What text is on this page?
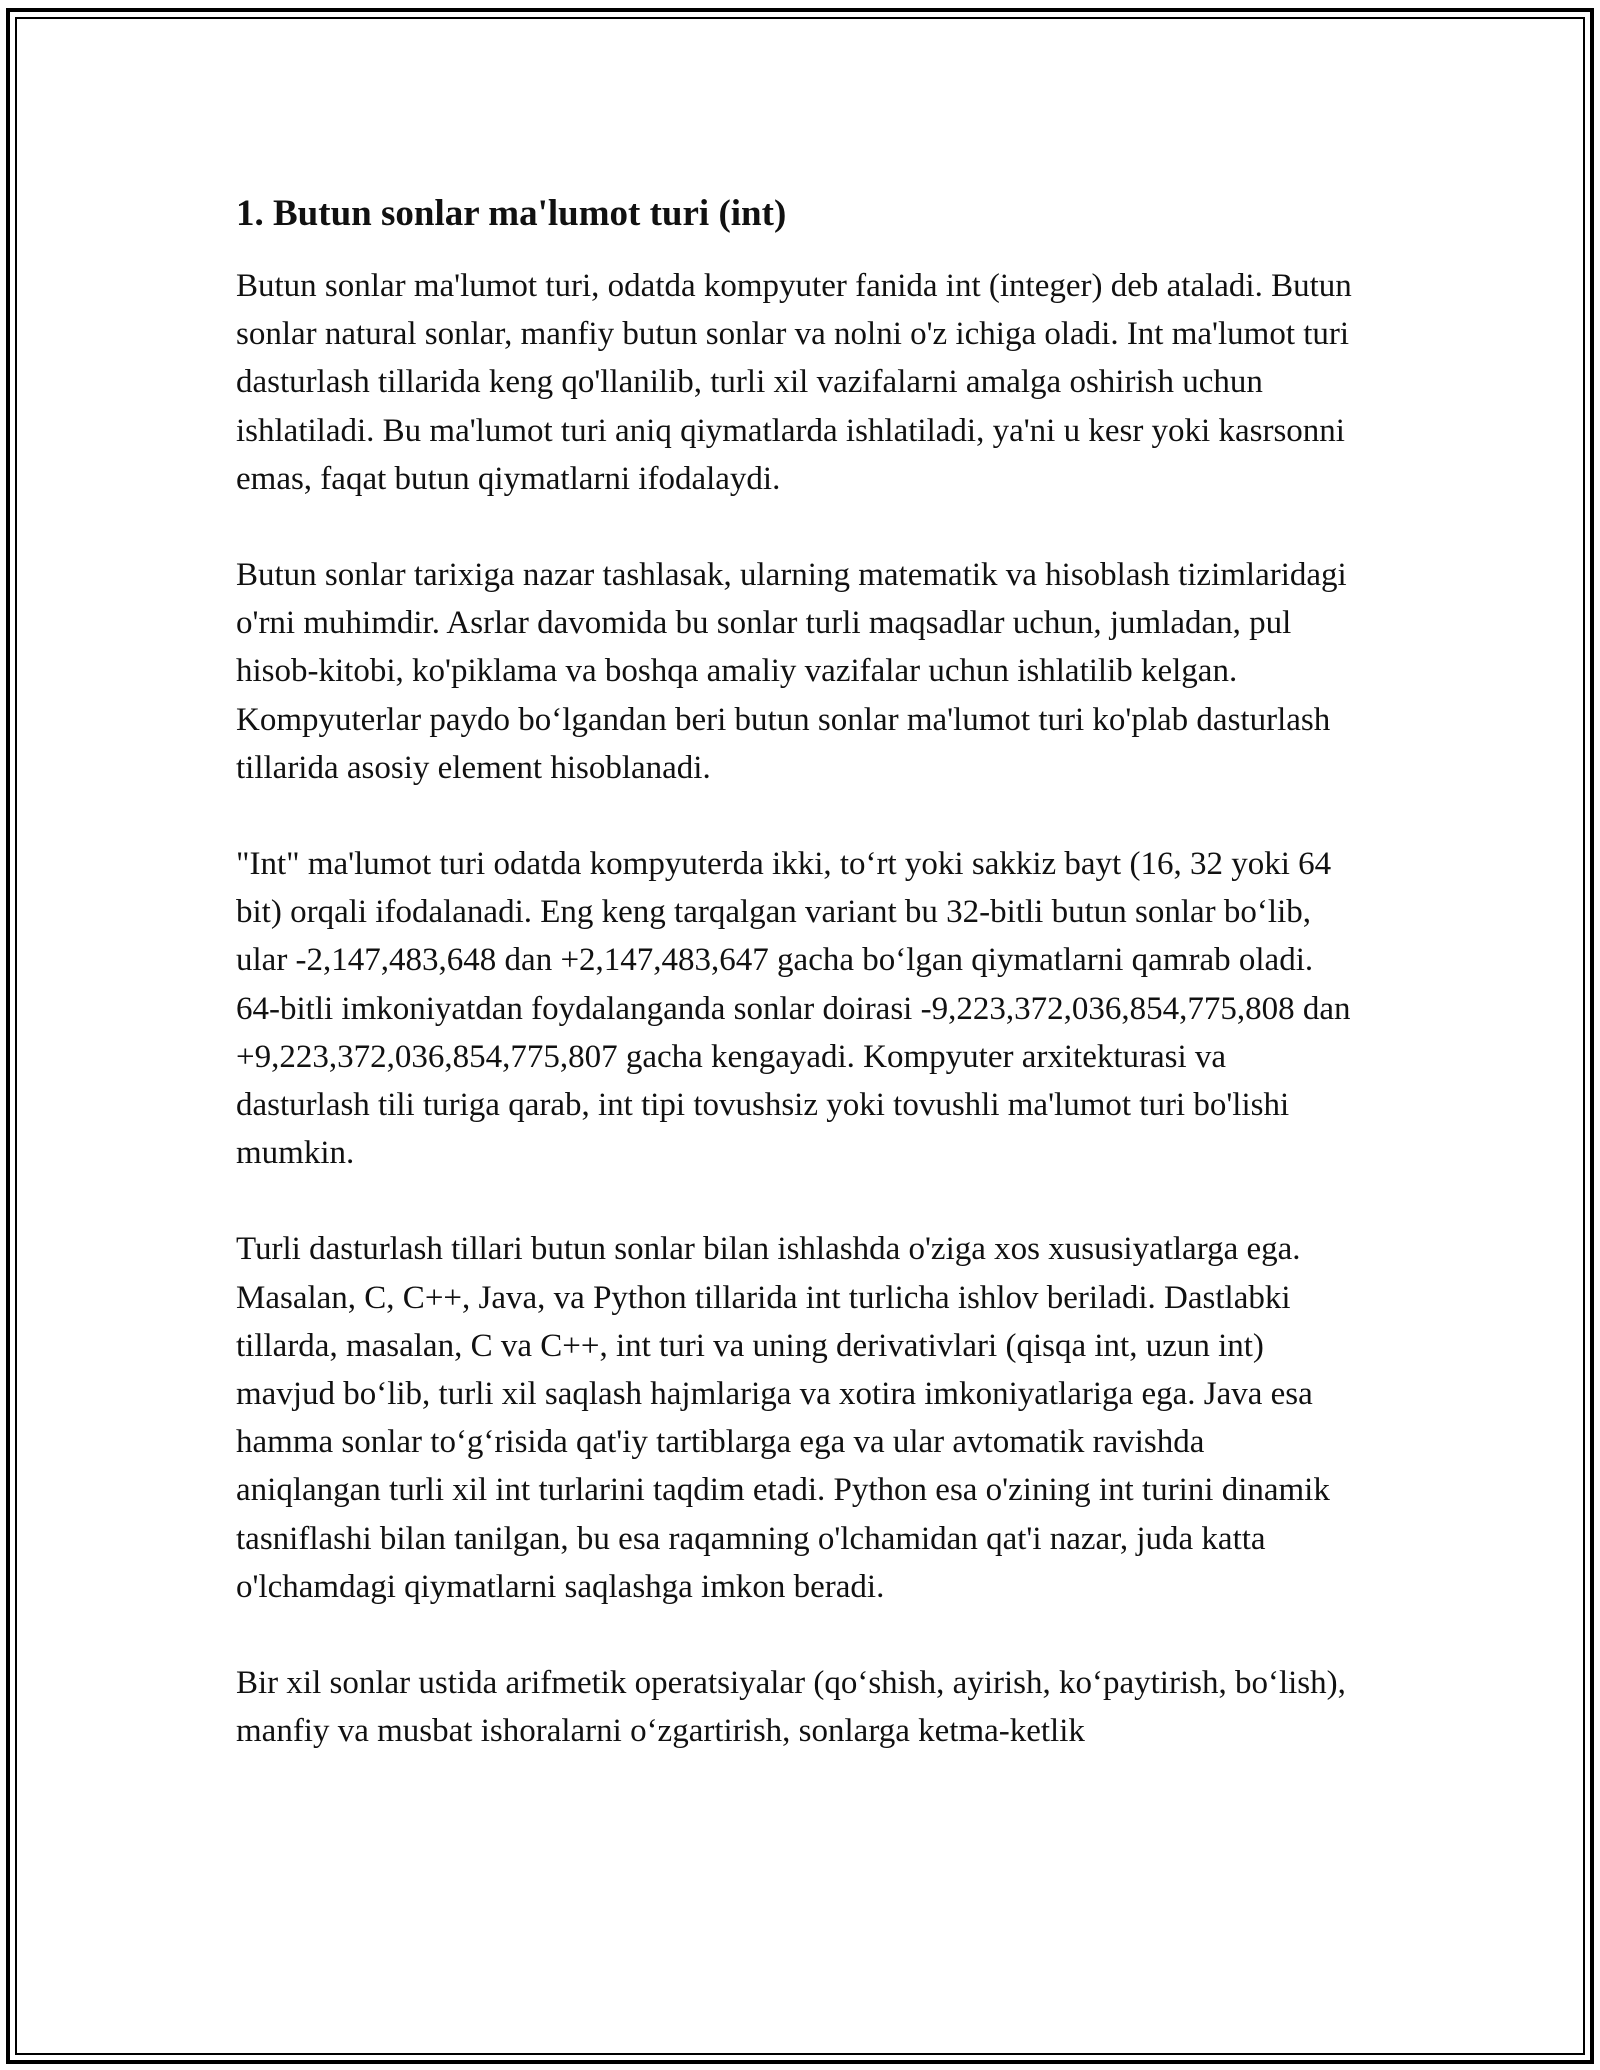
1. Butun sonlar ma'lumot turi (int)

Butun sonlar ma'lumot turi, odatda kompyuter fanida int (integer) deb ataladi. Butun sonlar natural sonlar, manfiy butun sonlar va nolni o'z ichiga oladi. Int ma'lumot turi dasturlash tillarida keng qo'llanilib, turli xil vazifalarni amalga oshirish uchun ishlatiladi. Bu ma'lumot turi aniq qiymatlarda ishlatiladi, ya'ni u kesr yoki kasrsonni emas, faqat butun qiymatlarni ifodalaydi.

Butun sonlar tarixiga nazar tashlasak, ularning matematik va hisoblash tizimlaridagi o'rni muhimdir. Asrlar davomida bu sonlar turli maqsadlar uchun, jumladan, pul hisob-kitobi, ko'piklama va boshqa amaliy vazifalar uchun ishlatilib kelgan. Kompyuterlar paydo bo‘lgandan beri butun sonlar ma'lumot turi ko'plab dasturlash tillarida asosiy element hisoblanadi.

"Int" ma'lumot turi odatda kompyuterda ikki, to‘rt yoki sakkiz bayt (16, 32 yoki 64 bit) orqali ifodalanadi. Eng keng tarqalgan variant bu 32-bitli butun sonlar bo‘lib, ular -2,147,483,648 dan +2,147,483,647 gacha bo‘lgan qiymatlarni qamrab oladi. 64-bitli imkoniyatdan foydalanganda sonlar doirasi -9,223,372,036,854,775,808 dan +9,223,372,036,854,775,807 gacha kengayadi. Kompyuter arxitekturasi va dasturlash tili turiga qarab, int tipi tovushsiz yoki tovushli ma'lumot turi bo'lishi mumkin.

Turli dasturlash tillari butun sonlar bilan ishlashda o'ziga xos xususiyatlarga ega. Masalan, C, C++, Java, va Python tillarida int turlicha ishlov beriladi. Dastlabki tillarda, masalan, C va C++, int turi va uning derivativlari (qisqa int, uzun int) mavjud bo‘lib, turli xil saqlash hajmlariga va xotira imkoniyatlariga ega. Java esa hamma sonlar to‘g‘risida qat'iy tartiblarga ega va ular avtomatik ravishda aniqlangan turli xil int turlarini taqdim etadi. Python esa o'zining int turini dinamik tasniflashi bilan tanilgan, bu esa raqamning o'lchamidan qat'i nazar, juda katta o'lchamdagi qiymatlarni saqlashga imkon beradi.

Bir xil sonlar ustida arifmetik operatsiyalar (qo‘shish, ayirish, ko‘paytirish, bo‘lish), manfiy va musbat ishoralarni o‘zgartirish, sonlarga ketma-ketlik
